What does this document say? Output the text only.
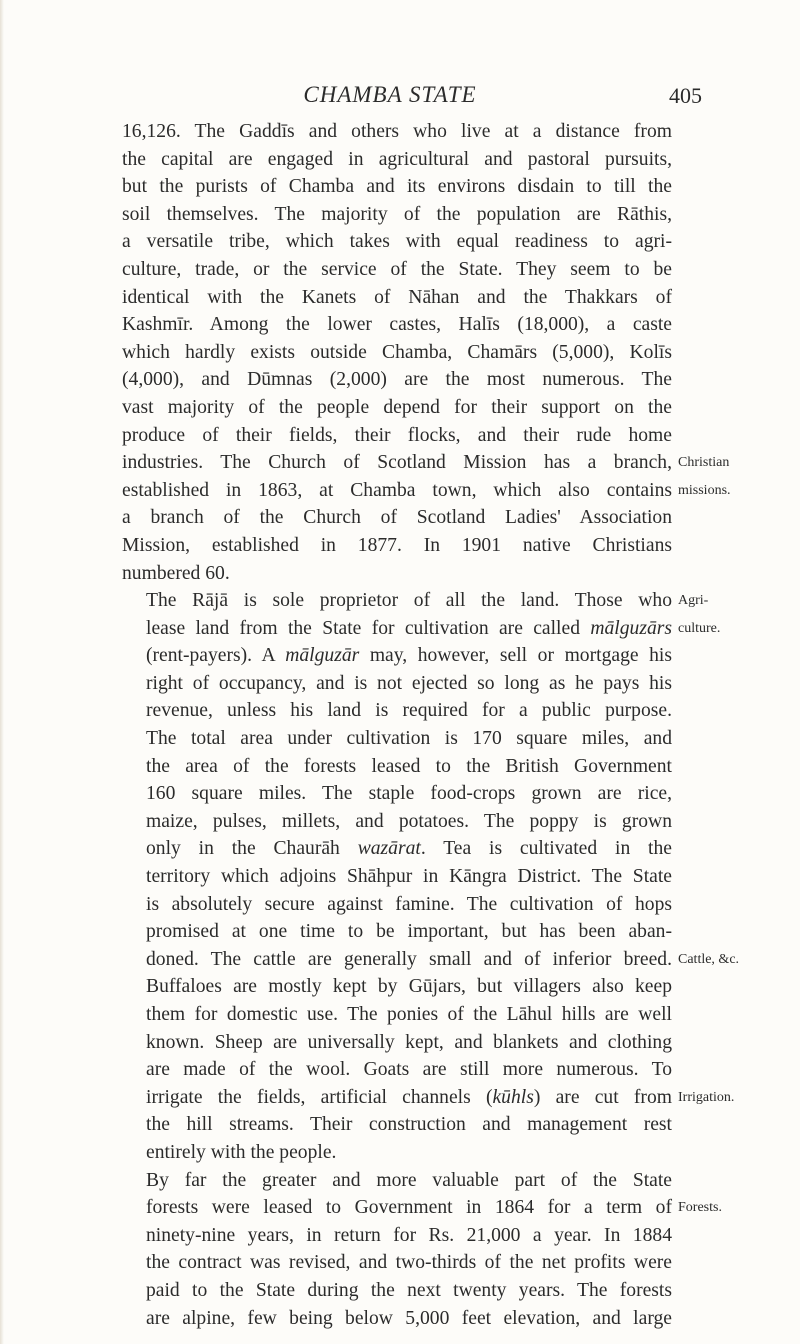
CHAMBA STATE	405

16,126. The Gaddīs and others who live at a distance from
the capital are engaged in agricultural and pastoral pursuits,
but the purists of Chamba and its environs disdain to till the
soil themselves. The majority of the population are Rāthis,
a versatile tribe, which takes with equal readiness to agri-
culture, trade, or the service of the State. They seem to be
identical with the Kanets of Nāhan and the Thakkars of
Kashmīr. Among the lower castes, Halīs (18,000), a caste
which hardly exists outside Chamba, Chamārs (5,000), Kolīs
(4,000), and Dūmnas (2,000) are the most numerous. The
vast majority of the people depend for their support on the
produce of their fields, their flocks, and their rude home
industries. The Church of Scotland Mission has a branch,
established in 1863, at Chamba town, which also contains
a branch of the Church of Scotland Ladies' Association
Mission, established in 1877. In 1901 native Christians
numbered 60.

The Rājā is sole proprietor of all the land. Those who
lease land from the State for cultivation are called mālguzārs
(rent-payers). A mālguzār may, however, sell or mortgage his
right of occupancy, and is not ejected so long as he pays his
revenue, unless his land is required for a public purpose.
The total area under cultivation is 170 square miles, and
the area of the forests leased to the British Government
160 square miles. The staple food-crops grown are rice,
maize, pulses, millets, and potatoes. The poppy is grown
only in the Chaurāh wazārat. Tea is cultivated in the
territory which adjoins Shāhpur in Kāngra District. The State
is absolutely secure against famine. The cultivation of hops
promised at one time to be important, but has been aban-
doned. The cattle are generally small and of inferior breed.
Buffaloes are mostly kept by Gūjars, but villagers also keep
them for domestic use. The ponies of the Lāhul hills are well
known. Sheep are universally kept, and blankets and clothing
are made of the wool. Goats are still more numerous. To
irrigate the fields, artificial channels (kūhls) are cut from
the hill streams. Their construction and management rest
entirely with the people.

By far the greater and more valuable part of the State
forests were leased to Government in 1864 for a term of
ninety-nine years, in return for Rs. 21,000 a year. In 1884
the contract was revised, and two-thirds of the net profits were
paid to the State during the next twenty years. The forests
are alpine, few being below 5,000 feet elevation, and large

Christian
missions.
Agri-
culture.
Cattle, &c.
Irrigation.
Forests.
